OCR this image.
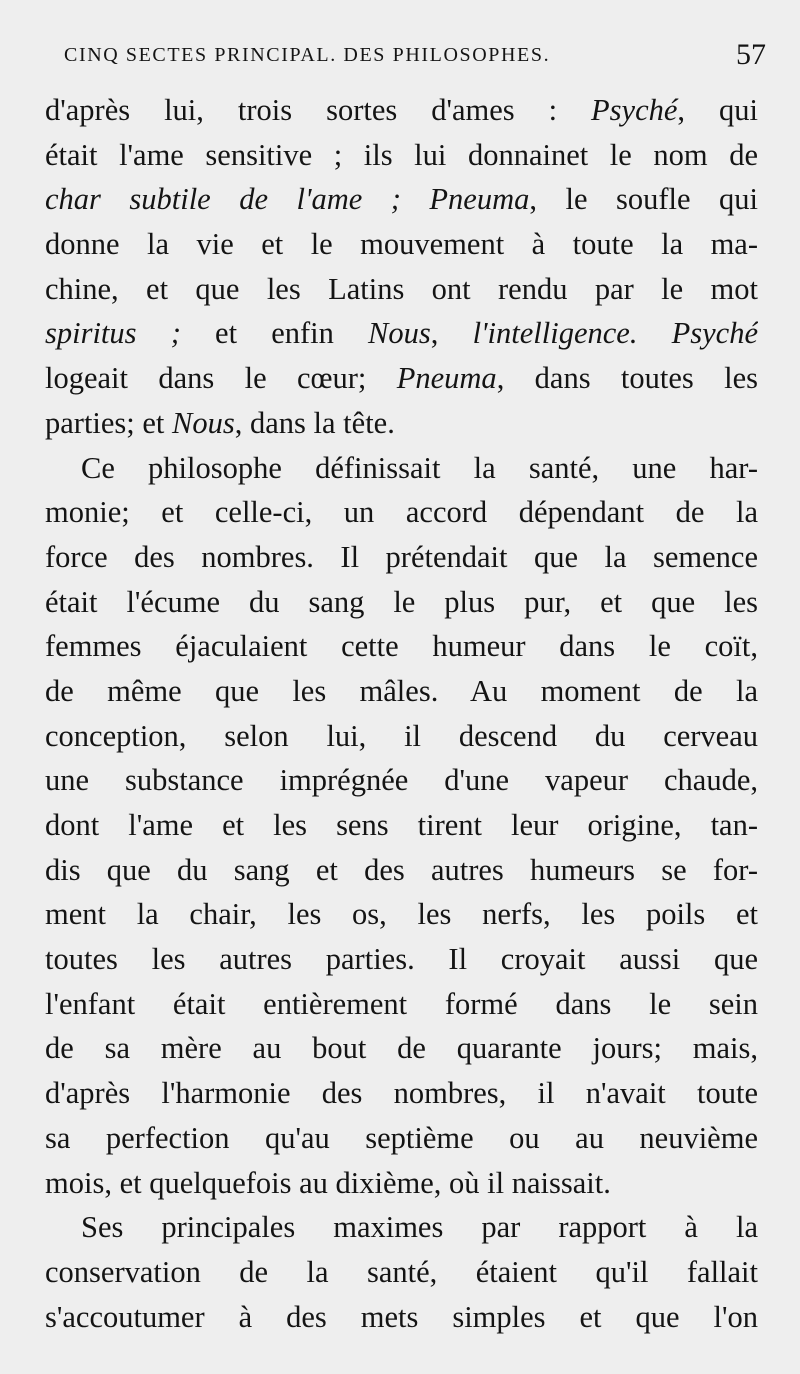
CINQ SECTES PRINCIPAL. DES PHILOSOPHES.	57
d'après lui, trois sortes d'ames : Psyché, qui
était l'ame sensitive ; ils lui donnainet le nom de
char subtile de l'ame ; Pneuma, le soufle qui
donne la vie et le mouvement à toute la ma-
chine, et que les Latins ont rendu par le mot
spiritus ; et enfin Nous, l'intelligence. Psyché
logeait dans le cœur; Pneuma, dans toutes les
parties; et Nous, dans la tête.
Ce philosophe définissait la santé, une har-
monie; et celle-ci, un accord dépendant de la
force des nombres. Il prétendait que la semence
était l'écume du sang le plus pur, et que les
femmes éjaculaient cette humeur dans le coït,
de même que les mâles. Au moment de la
conception, selon lui, il descend du cerveau
une substance imprégnée d'une vapeur chaude,
dont l'ame et les sens tirent leur origine, tan-
dis que du sang et des autres humeurs se for-
ment la chair, les os, les nerfs, les poils et
toutes les autres parties. Il croyait aussi que
l'enfant était entièrement formé dans le sein
de sa mère au bout de quarante jours; mais,
d'après l'harmonie des nombres, il n'avait toute
sa perfection qu'au septième ou au neuvième
mois, et quelquefois au dixième, où il naissait.
Ses principales maximes par rapport à la
conservation de la santé, étaient qu'il fallait
s'accoutumer à des mets simples et que l'on
